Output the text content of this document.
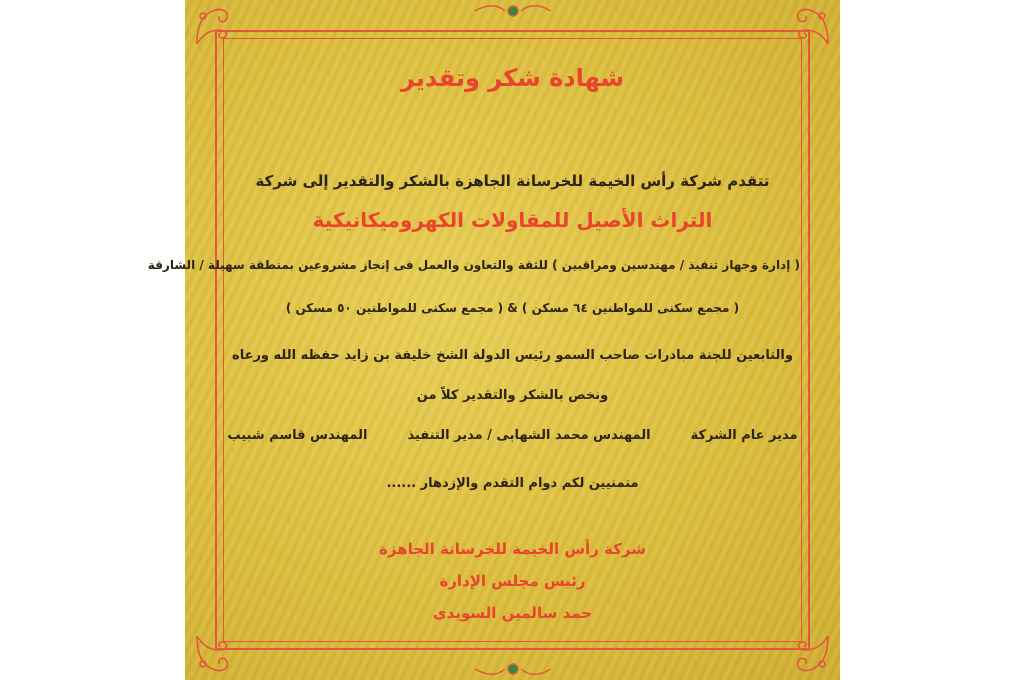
شهادة شكر وتقدير
تتقدم شركة رأس الخيمة للخرسانة الجاهزة بالشكر والتقدير إلى شركة
التراث الأصيل للمقاولات الكهروميكانيكية
( إدارة وجهاز تنفيذ / مهندسين ومراقبين ) للثقة والتعاون والعمل فى إنجاز مشروعين بمنطقة سهيلة / الشارقة
( مجمع سكنى للمواطنين ٦٤ مسكن ) & ( مجمع سكنى للمواطنين ٥٠ مسكن )
والتابعين للجنة مبادرات صاحب السمو رئيس الدولة الشخ خليفة بن زايد حفظه الله ورعاه
ونخص بالشكر والتقدير كلاً من
متمنيين لكم دوام التقدم والإزدهار ......
شركة رأس الخيمة للخرسانة الجاهزة
رئيس مجلس الإدارة
حمد سالمين السويدى
مدير عام الشركة
المهندس محمد الشهابى / مدير التنفيذ
المهندس قاسم شبيب
